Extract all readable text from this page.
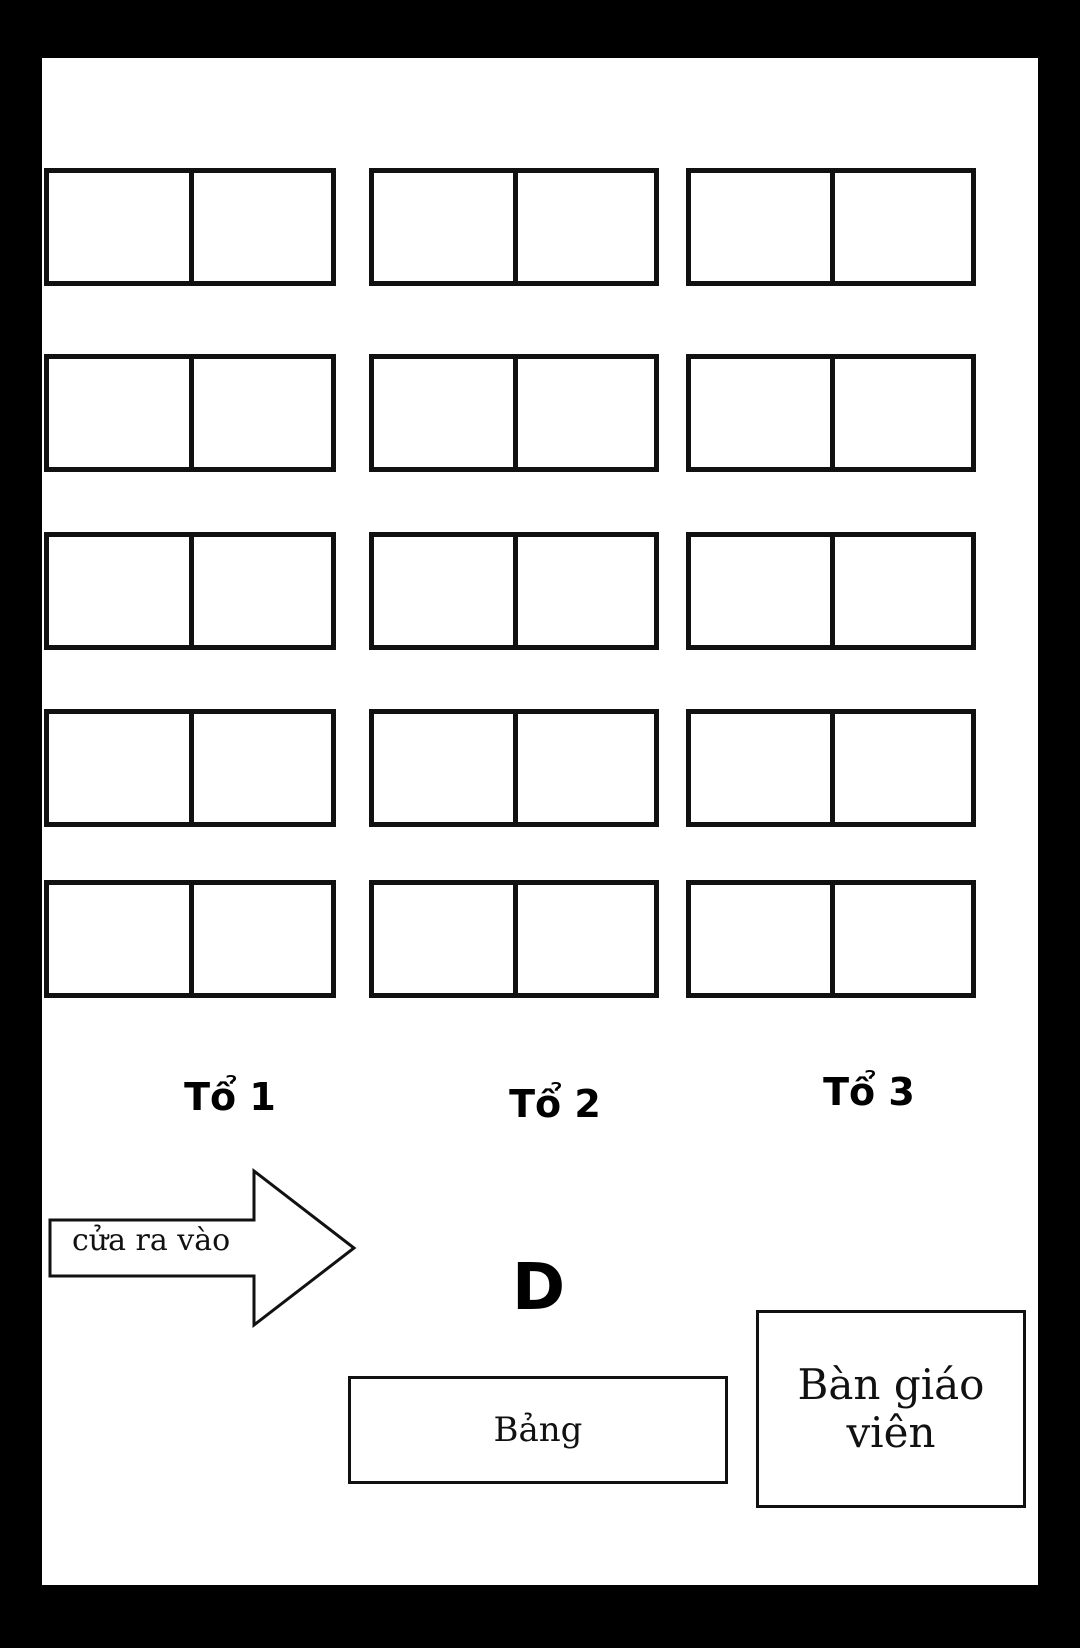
Tổ 1	Tổ 2	Tổ 3
cửa ra vào
D
Bảng
Bàn giáo viên
